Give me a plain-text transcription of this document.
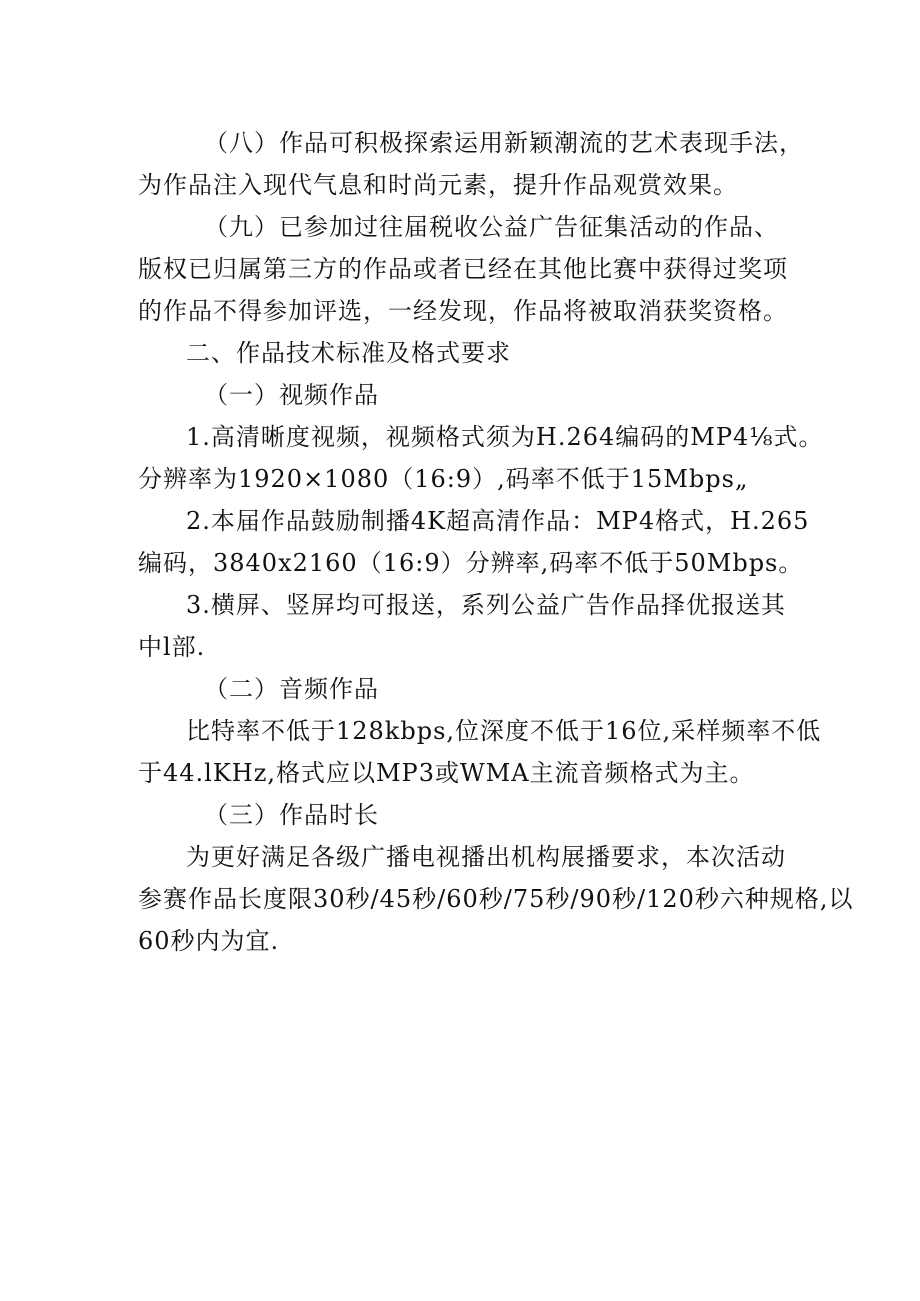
（八）作品可积极探索运用新颖潮流的艺术表现手法，
为作品注入现代气息和时尚元素，提升作品观赏效果。
（九）已参加过往届税收公益广告征集活动的作品、
版权已归属第三方的作品或者已经在其他比赛中获得过奖项
的作品不得参加评选，一经发现，作品将被取消获奖资格。
二、作品技术标准及格式要求
（一）视频作品
1.高清晰度视频，视频格式须为H.264编码的MP4⅛式。
分辨率为1920×1080（16:9）,码率不低于15Mbps„
2.本届作品鼓励制播4K超高清作品：MP4格式，H.265
编码，3840x2160（16:9）分辨率,码率不低于50Mbps。
3.横屏、竖屏均可报送，系列公益广告作品择优报送其
中l部.
（二）音频作品
比特率不低于128kbps,位深度不低于16位,采样频率不低
于44.lKHz,格式应以MP3或WMA主流音频格式为主。
（三）作品时长
为更好满足各级广播电视播出机构展播要求，本次活动
参赛作品长度限30秒/45秒/60秒/75秒/90秒/120秒六种规格,以
60秒内为宜.
